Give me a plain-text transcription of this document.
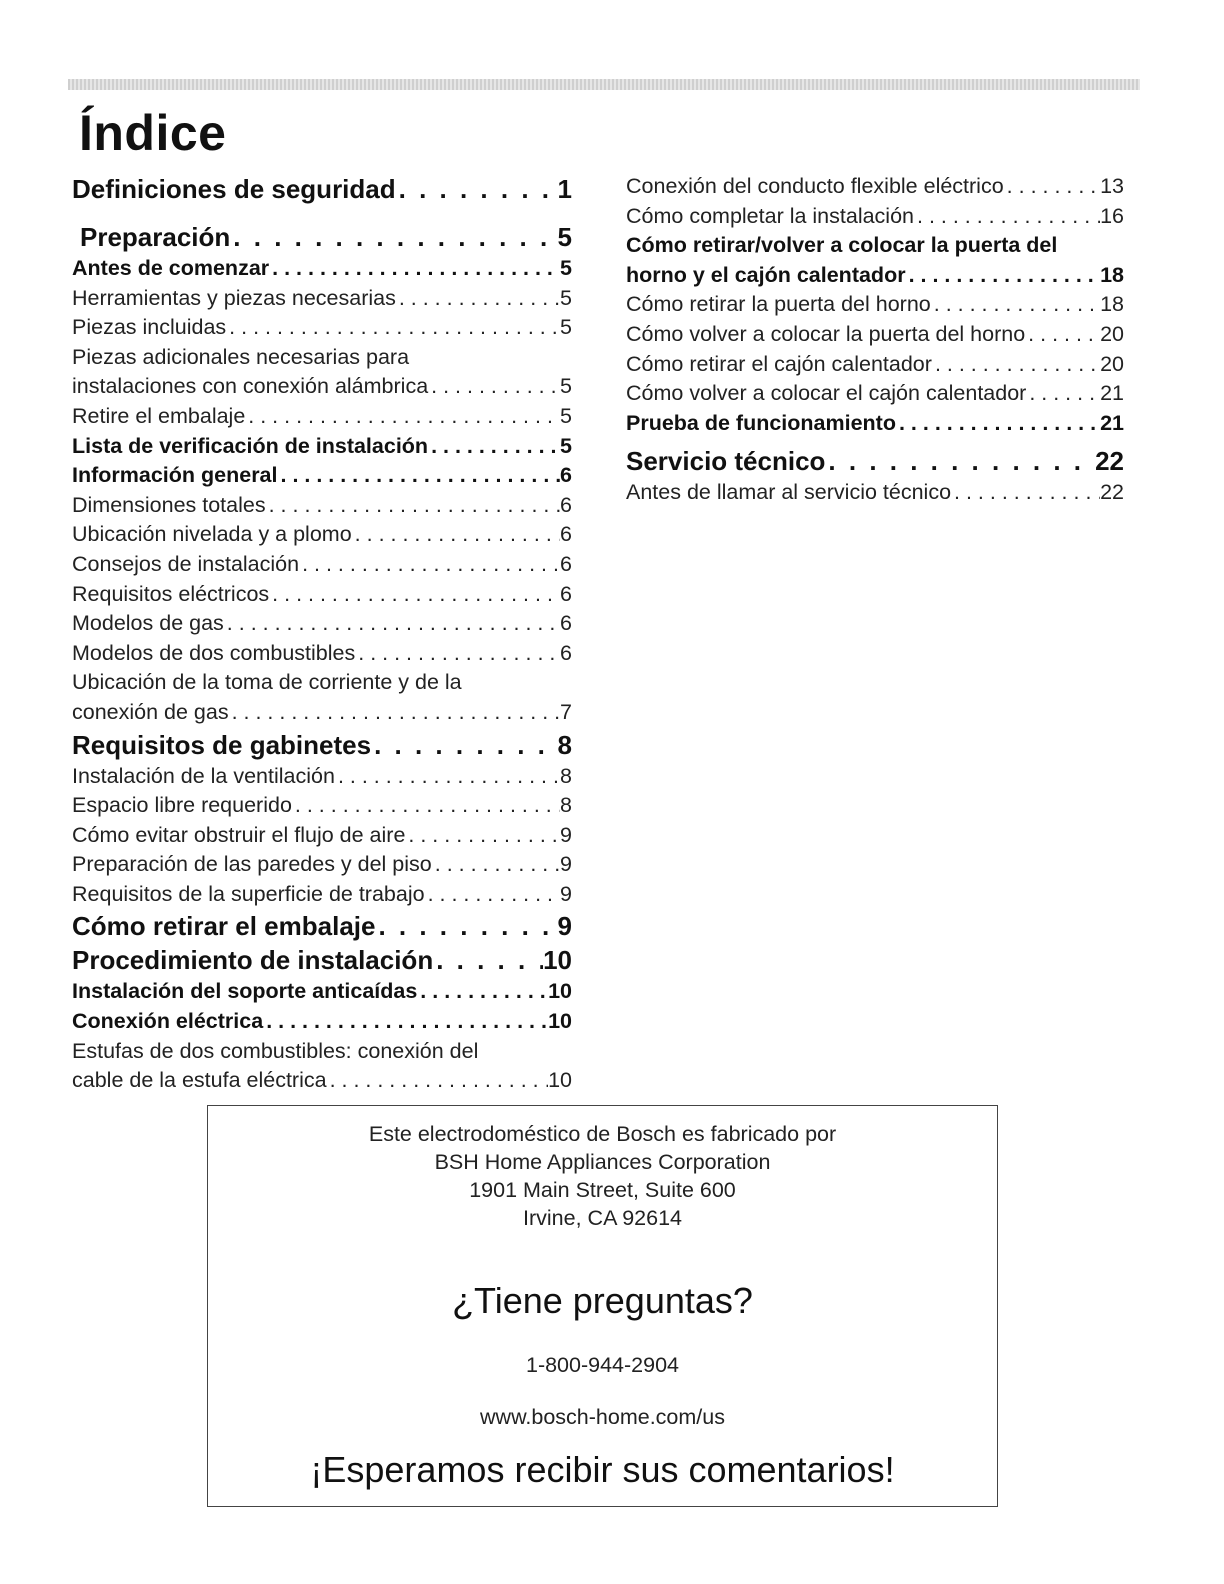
Índice
Definiciones de seguridad . . .	1
Preparación . . .	5
Antes de comenzar . . .	5
Herramientas y piezas necesarias . . .	5
Piezas incluidas . . .	5
Piezas adicionales necesarias para
instalaciones con conexión alámbrica . . .	5
Retire el embalaje . . .	5
Lista de verificación de instalación . . .	5
Información general . . .	6
Dimensiones totales . . .	6
Ubicación nivelada y a plomo . . .	6
Consejos de instalación . . .	6
Requisitos eléctricos . . .	6
Modelos de gas . . .	6
Modelos de dos combustibles . . .	6
Ubicación de la toma de corriente y de la
conexión de gas . . .	7
Requisitos de gabinetes . . .	8
Instalación de la ventilación . . .	8
Espacio libre requerido . . .	8
Cómo evitar obstruir el flujo de aire . . .	9
Preparación de las paredes y del piso . . .	9
Requisitos de la superficie de trabajo . . .	9
Cómo retirar el embalaje . . .	9
Procedimiento de instalación . . .	10
Instalación del soporte anticaídas . . .	10
Conexión eléctrica . . .	10
Estufas de dos combustibles: conexión del
cable de la estufa eléctrica . . .	10
Conexión del conducto flexible eléctrico . . .	13
Cómo completar la instalación . . .	16
Cómo retirar/volver a colocar la puerta del
horno y el cajón calentador . . .	18
Cómo retirar la puerta del horno . . .	18
Cómo volver a colocar la puerta del horno . . .	20
Cómo retirar el cajón calentador . . .	20
Cómo volver a colocar el cajón calentador . . .	21
Prueba de funcionamiento . . .	21
Servicio técnico . . .	22
Antes de llamar al servicio técnico . . .	22
Este electrodoméstico de Bosch es fabricado por
BSH Home Appliances Corporation
1901 Main Street, Suite 600
Irvine, CA 92614
¿Tiene preguntas?
1-800-944-2904
www.bosch-home.com/us
¡Esperamos recibir sus comentarios!
